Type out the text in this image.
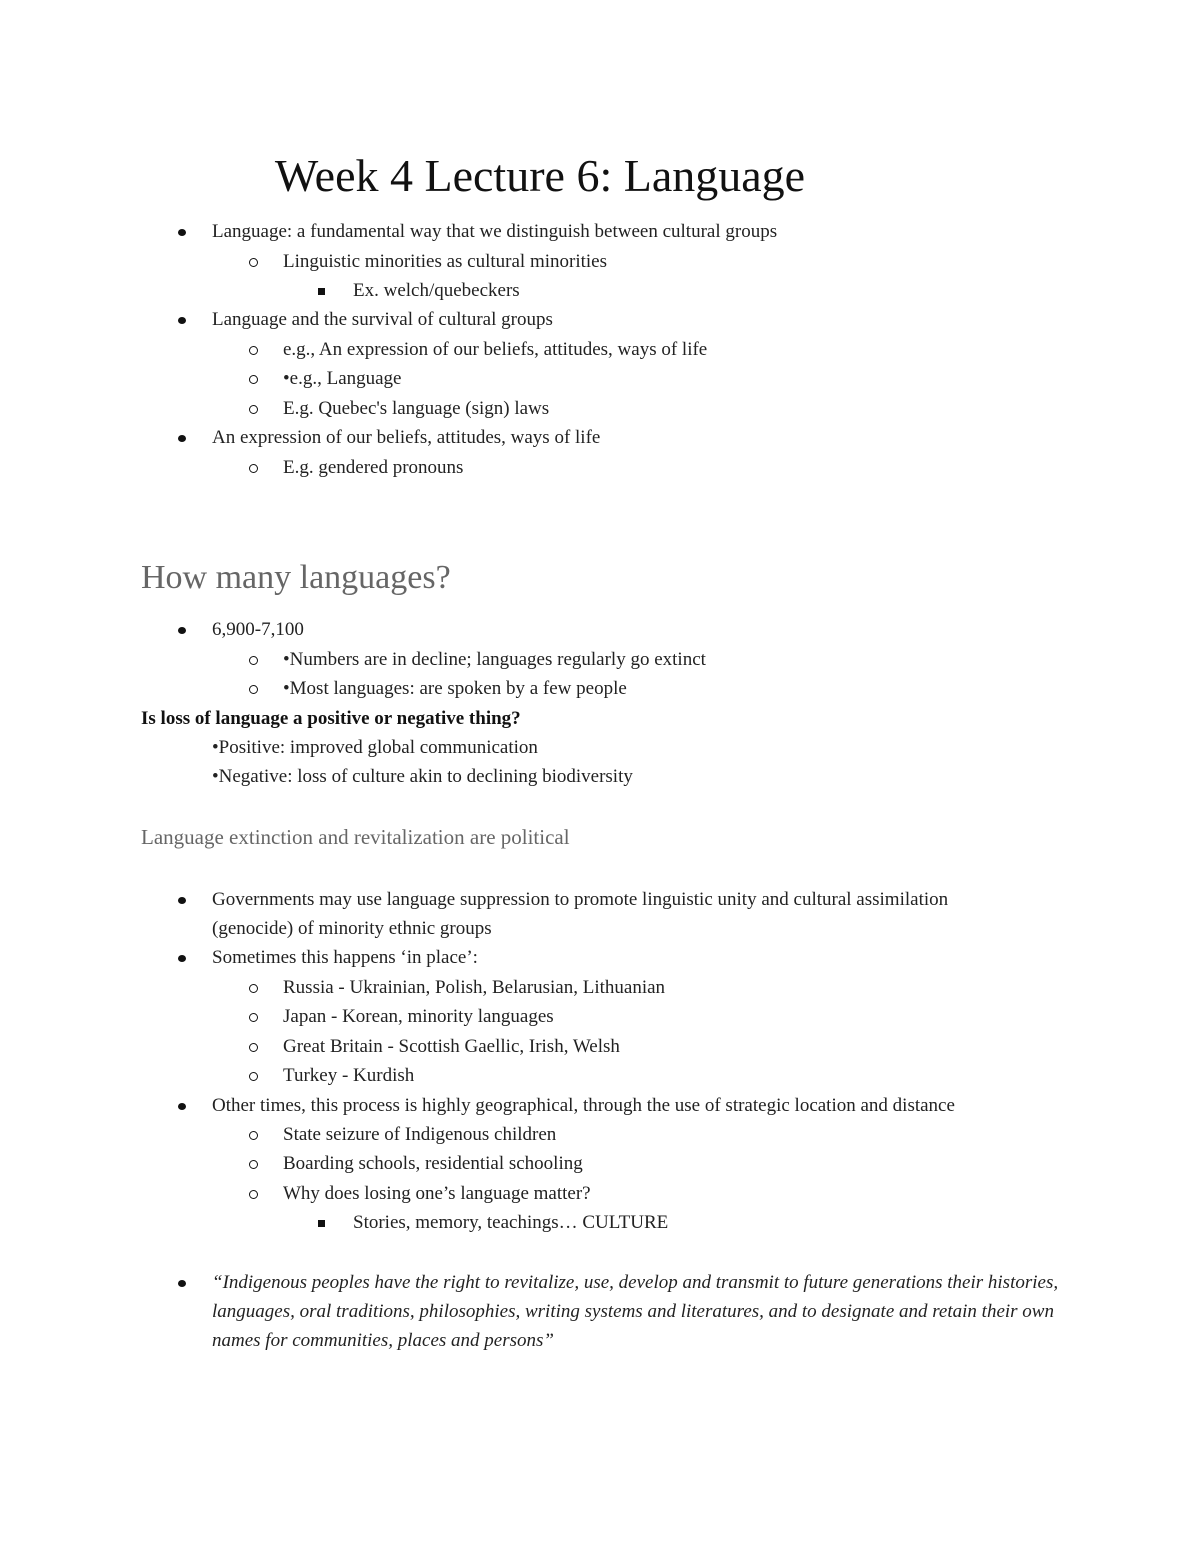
Week 4 Lecture 6: Language
Language: a fundamental way that we distinguish between cultural groups
Linguistic minorities as cultural minorities
Ex. welch/quebeckers
Language and the survival of cultural groups
e.g., An expression of our beliefs, attitudes, ways of life
•e.g., Language
E.g. Quebec's language (sign) laws
An expression of our beliefs, attitudes, ways of life
E.g. gendered pronouns
How many languages?
6,900-7,100
•Numbers are in decline; languages regularly go extinct
•Most languages: are spoken by a few people
Is loss of language a positive or negative thing?
•Positive: improved global communication
•Negative: loss of culture akin to declining biodiversity
Language extinction and revitalization are political
Governments may use language suppression to promote linguistic unity and cultural assimilation
(genocide) of minority ethnic groups
Sometimes this happens ‘in place’:
Russia - Ukrainian, Polish, Belarusian, Lithuanian
Japan - Korean, minority languages
Great Britain - Scottish Gaellic, Irish, Welsh
Turkey - Kurdish
Other times, this process is highly geographical, through the use of strategic location and distance
State seizure of Indigenous children
Boarding schools, residential schooling
Why does losing one’s language matter?
Stories, memory, teachings… CULTURE
“Indigenous peoples have the right to revitalize, use, develop and transmit to future generations their histories, languages, oral traditions, philosophies, writing systems and literatures, and to designate and retain their own names for communities, places and persons”
